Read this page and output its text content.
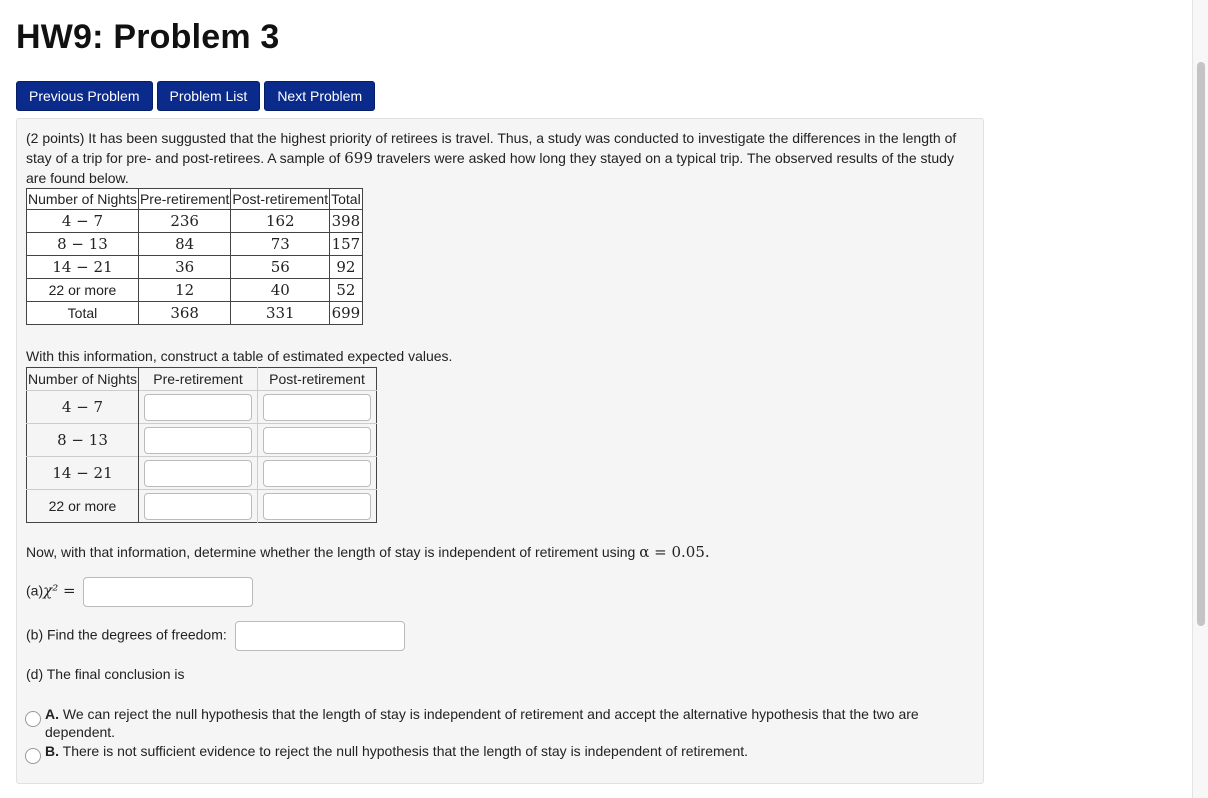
HW9: Problem 3
Previous Problem	Problem List	Next Problem
(2 points) It has been suggusted that the highest priority of retirees is travel. Thus, a study was conducted to investigate the differences in the length of stay of a trip for pre- and post-retirees. A sample of 699 travelers were asked how long they stayed on a typical trip. The observed results of the study are found below.
Number of Nights	Pre-retirement	Post-retirement	Total
4 − 7	236	162	398
8 − 13	84	73	157
14 − 21	36	56	92
22 or more	12	40	52
Total	368	331	699
With this information, construct a table of estimated expected values.
Number of Nights	Pre-retirement	Post-retirement
4 − 7		
8 − 13		
14 − 21		
22 or more		
Now, with that information, determine whether the length of stay is independent of retirement using α = 0.05.
(a)χ² =
(b) Find the degrees of freedom:
(d) The final conclusion is
A. We can reject the null hypothesis that the length of stay is independent of retirement and accept the alternative hypothesis that the two are dependent.
B. There is not sufficient evidence to reject the null hypothesis that the length of stay is independent of retirement.
